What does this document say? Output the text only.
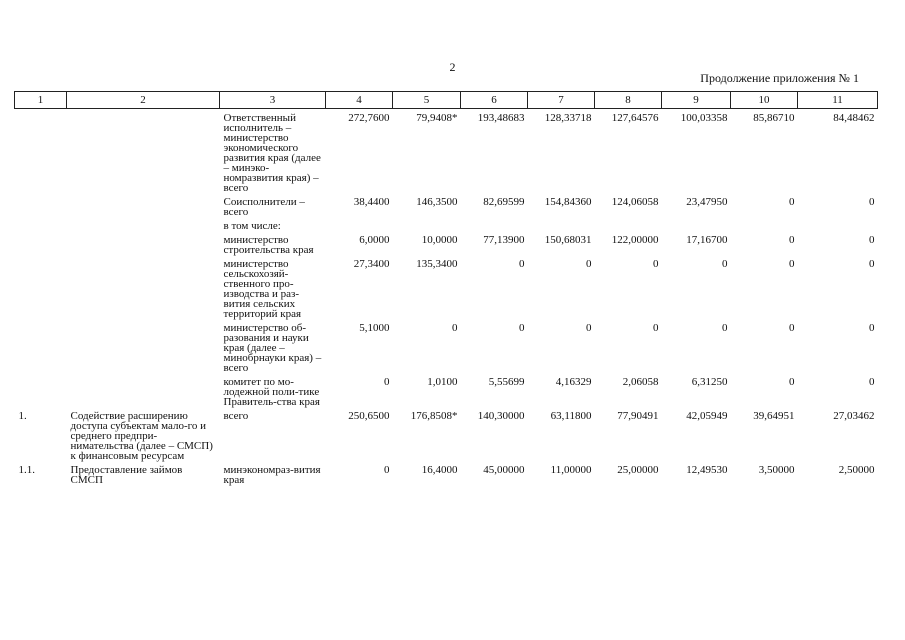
2
Продолжение приложения № 1
1	2	3	4	5	6	7	8	9	10	11
		Ответственный исполнитель – министерство экономического развития края (далее – минэко-номразвития края) – всего	272,7600	79,9408*	193,48683	128,33718	127,64576	100,03358	85,86710	84,48462
		Соисполнители – всего	38,4400	146,3500	82,69599	154,84360	124,06058	23,47950	0	0
		в том числе:								
		министерство строительства края	6,0000	10,0000	77,13900	150,68031	122,00000	17,16700	0	0
		министерство сельскохозяй-ственного про-изводства и раз-вития сельских территорий края	27,3400	135,3400	0	0	0	0	0	0
		министерство об-разования и науки края (далее – минобрнауки края) – всего	5,1000	0	0	0	0	0	0	0
		комитет по мо-лодежной поли-тике Правитель-ства края	0	1,0100	5,55699	4,16329	2,06058	6,31250	0	0
1.	Содействие расширению доступа субъектам мало-го и среднего предпри-нимательства (далее – СМСП) к финансовым ресурсам	всего	250,6500	176,8508*	140,30000	63,11800	77,90491	42,05949	39,64951	27,03462
1.1.	Предоставление займов СМСП	минэкономраз-вития края	0	16,4000	45,00000	11,00000	25,00000	12,49530	3,50000	2,50000
